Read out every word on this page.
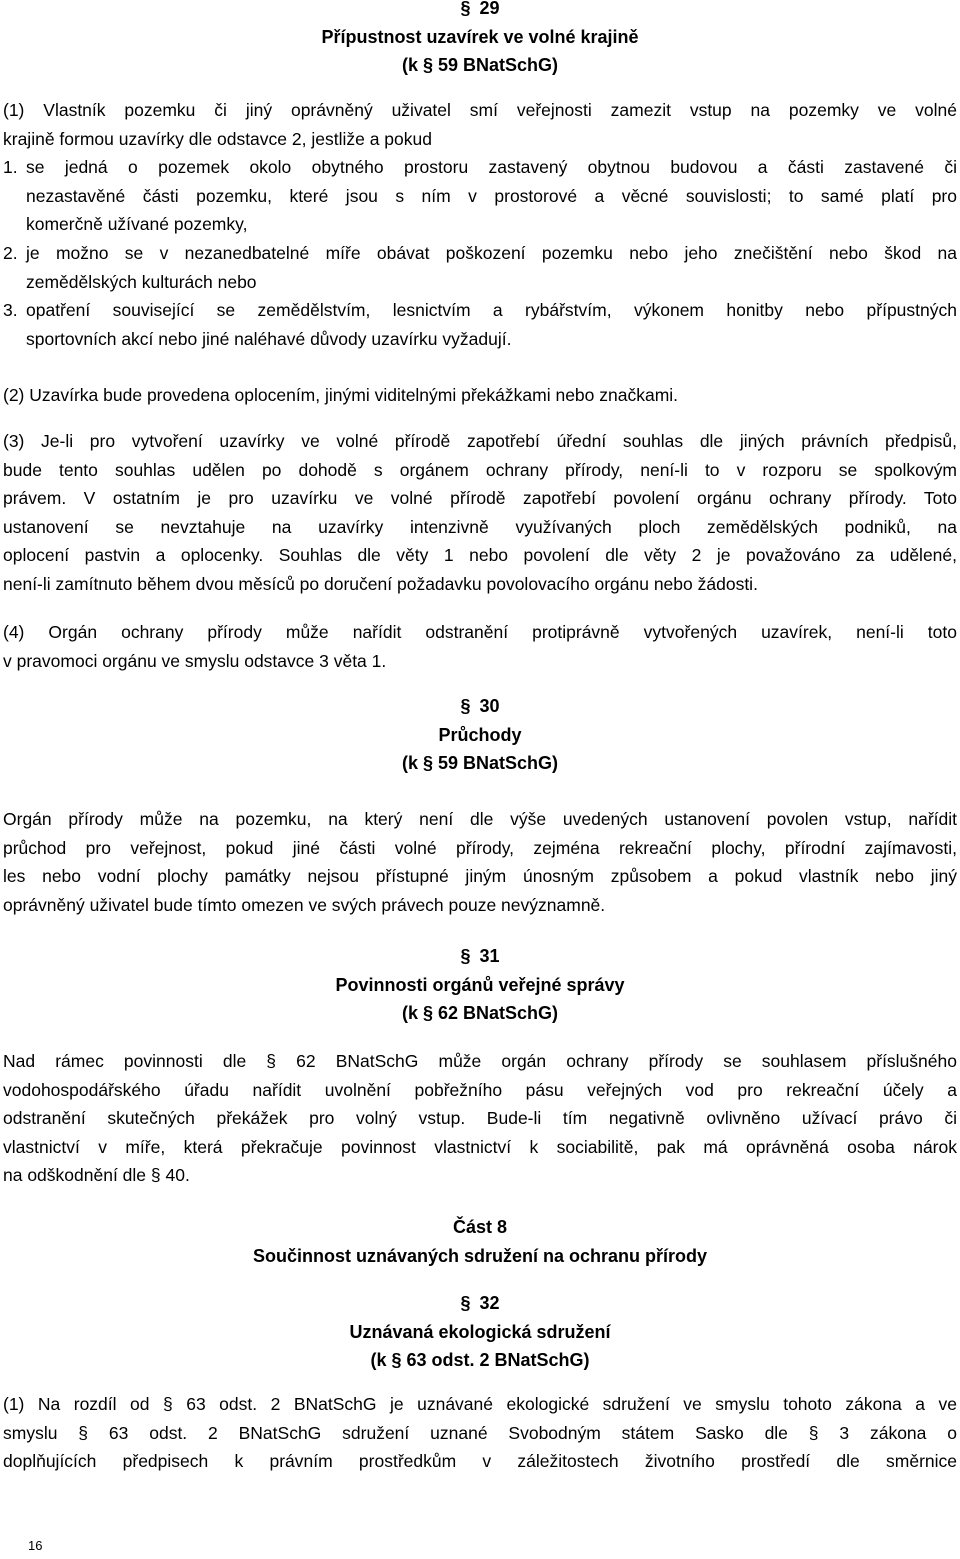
§ 29
Přípustnost uzavírek ve volné krajině
(k § 59 BNatSchG)
(1) Vlastník pozemku či jiný oprávněný uživatel smí veřejnosti zamezit vstup na pozemky ve volné
krajině formou uzavírky dle odstavce 2, jestliže a pokud
1. se jedná o pozemek okolo obytného prostoru zastavený obytnou budovou a části zastavené či
nezastavěné části pozemku, které jsou s ním v prostorové a věcné souvislosti; to samé platí pro
komerčně užívané pozemky,
2. je možno se v nezanedbatelné míře obávat poškození pozemku nebo jeho znečištění nebo škod na
zemědělských kulturách nebo
3. opatření související se zemědělstvím, lesnictvím a rybářstvím, výkonem honitby nebo přípustných
sportovních akcí nebo jiné naléhavé důvody uzavírku vyžadují.
(2) Uzavírka bude provedena oplocením, jinými viditelnými překážkami nebo značkami.
(3) Je-li pro vytvoření uzavírky ve volné přírodě zapotřebí úřední souhlas dle jiných právních předpisů,
bude tento souhlas udělen po dohodě s orgánem ochrany přírody, není-li to v rozporu se spolkovým
právem. V ostatním je pro uzavírku ve volné přírodě zapotřebí povolení orgánu ochrany přírody. Toto
ustanovení se nevztahuje na uzavírky intenzivně využívaných ploch zemědělských podniků, na
oplocení pastvin a oplocenky. Souhlas dle věty 1 nebo povolení dle věty 2 je považováno za udělené,
není-li zamítnuto během dvou měsíců po doručení požadavku povolovacího orgánu nebo žádosti.
(4) Orgán ochrany přírody může nařídit odstranění protiprávně vytvořených uzavírek, není-li toto
v pravomoci orgánu ve smyslu odstavce 3 věta 1.
§ 30
Průchody
(k § 59 BNatSchG)
Orgán přírody může na pozemku, na který není dle výše uvedených ustanovení povolen vstup, nařídit
průchod pro veřejnost, pokud jiné části volné přírody, zejména rekreační plochy, přírodní zajímavosti,
les nebo vodní plochy památky nejsou přístupné jiným únosným způsobem a pokud vlastník nebo jiný
oprávněný uživatel bude tímto omezen ve svých právech pouze nevýznamně.
§ 31
Povinnosti orgánů veřejné správy
(k § 62 BNatSchG)
Nad rámec povinnosti dle § 62 BNatSchG může orgán ochrany přírody se souhlasem příslušného
vodohospodářského úřadu nařídit uvolnění pobřežního pásu veřejných vod pro rekreační účely a
odstranění skutečných překážek pro volný vstup. Bude-li tím negativně ovlivněno užívací právo či
vlastnictví v míře, která překračuje povinnost vlastnictví k sociabilitě, pak má oprávněná osoba nárok
na odškodnění dle § 40.
Část 8
Součinnost uznávaných sdružení na ochranu přírody
§ 32
Uznávaná ekologická sdružení
(k § 63 odst. 2 BNatSchG)
(1) Na rozdíl od § 63 odst. 2 BNatSchG je uznávané ekologické sdružení ve smyslu tohoto zákona a ve
smyslu § 63 odst. 2 BNatSchG sdružení uznané Svobodným státem Sasko dle § 3 zákona o
doplňujících předpisech k právním prostředkům v záležitostech životního prostředí dle směrnice
16
